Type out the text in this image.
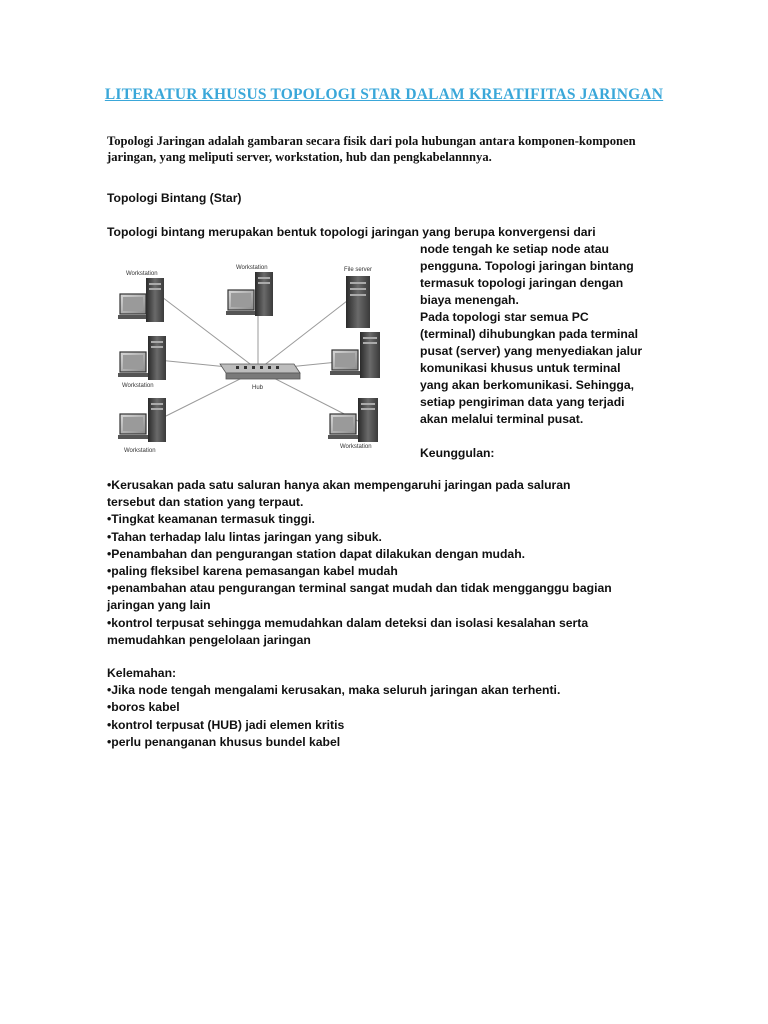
LITERATUR KHUSUS TOPOLOGI STAR DALAM KREATIFITAS JARINGAN
Topologi Jaringan adalah gambaran secara fisik dari pola hubungan antara komponen-komponen jaringan, yang meliputi server, workstation, hub dan pengkabelannnya.
Topologi Bintang (Star)
Topologi bintang merupakan bentuk topologi jaringan yang berupa konvergensi dari
node tengah ke setiap node atau
pengguna. Topologi jaringan bintang
termasuk topologi jaringan dengan
biaya menengah.
Pada topologi star semua PC
(terminal) dihubungkan pada terminal
pusat (server) yang menyediakan jalur
komunikasi khusus untuk terminal
yang akan berkomunikasi. Sehingga,
setiap pengiriman data yang terjadi
akan melalui terminal pusat.
Keunggulan:
Hub
Workstation
Workstation	File server
Workstation
Workstation
Workstation
•Kerusakan pada satu saluran hanya akan mempengaruhi jaringan pada saluran
tersebut dan station yang terpaut.
•Tingkat keamanan termasuk tinggi.
•Tahan terhadap lalu lintas jaringan yang sibuk.
•Penambahan dan pengurangan station dapat dilakukan dengan mudah.
•paling fleksibel karena pemasangan kabel mudah
•penambahan atau pengurangan terminal sangat mudah dan tidak mengganggu bagian
jaringan yang lain
•kontrol terpusat sehingga memudahkan dalam deteksi dan isolasi kesalahan serta
memudahkan pengelolaan jaringan
Kelemahan:
•Jika node tengah mengalami kerusakan, maka seluruh jaringan akan terhenti.
•boros kabel
•kontrol terpusat (HUB) jadi elemen kritis
•perlu penanganan khusus bundel kabel
